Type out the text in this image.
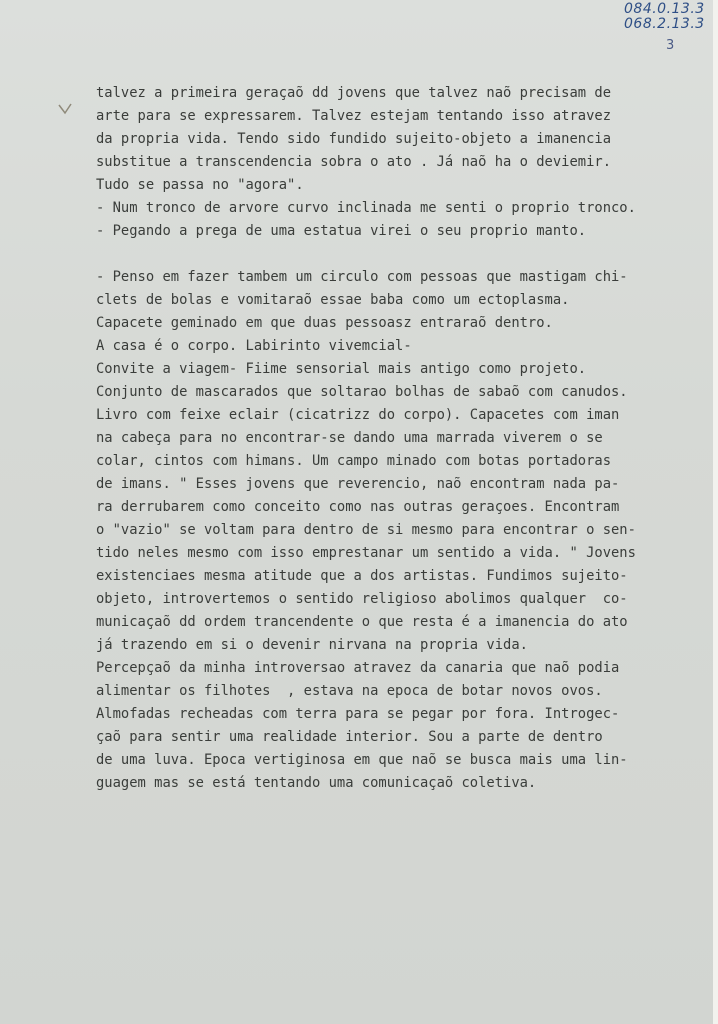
084.0.13.3
068.2.13.3
3
talvez a primeira geraçaõ dd jovens que talvez naõ precisam de
arte para se expressarem. Talvez estejam tentando isso atravez
da propria vida. Tendo sido fundido sujeito-objeto a imanencia
substitue a transcendencia sobra o ato . Já naõ ha o deviemir.
Tudo se passa no "agora".
- Num tronco de arvore curvo inclinada me senti o proprio tronco.
- Pegando a prega de uma estatua virei o seu proprio manto.
- Penso em fazer tambem um circulo com pessoas que mastigam chi-
clets de bolas e vomitaraõ essae baba como um ectoplasma.
Capacete geminado em que duas pessoasz entraraõ dentro.
A casa é o corpo. Labirinto vivemcial-
Convite a viagem- Fiime sensorial mais antigo como projeto.
Conjunto de mascarados que soltarao bolhas de sabaõ com canudos.
Livro com feixe eclair (cicatrizz do corpo). Capacetes com iman
na cabeça para no encontrar-se dando uma marrada viverem o se
colar, cintos com himans. Um campo minado com botas portadoras
de imans. " Esses jovens que reverencio, naõ encontram nada pa-
ra derrubarem como conceito como nas outras geraçoes. Encontram
o "vazio" se voltam para dentro de si mesmo para encontrar o sen-
tido neles mesmo com isso emprestanar um sentido a vida. " Jovens
existenciaes mesma atitude que a dos artistas. Fundimos sujeito-
objeto, introvertemos o sentido religioso abolimos qualquer  co-
municaçaõ dd ordem trancendente o que resta é a imanencia do ato
já trazendo em si o devenir nirvana na propria vida.
Percepçaõ da minha introversao atravez da canaria que naõ podia
alimentar os filhotes  , estava na epoca de botar novos ovos.
Almofadas recheadas com terra para se pegar por fora. Introgec-
çaõ para sentir uma realidade interior. Sou a parte de dentro
de uma luva. Epoca vertiginosa em que naõ se busca mais uma lin-
guagem mas se está tentando uma comunicaçaõ coletiva.
